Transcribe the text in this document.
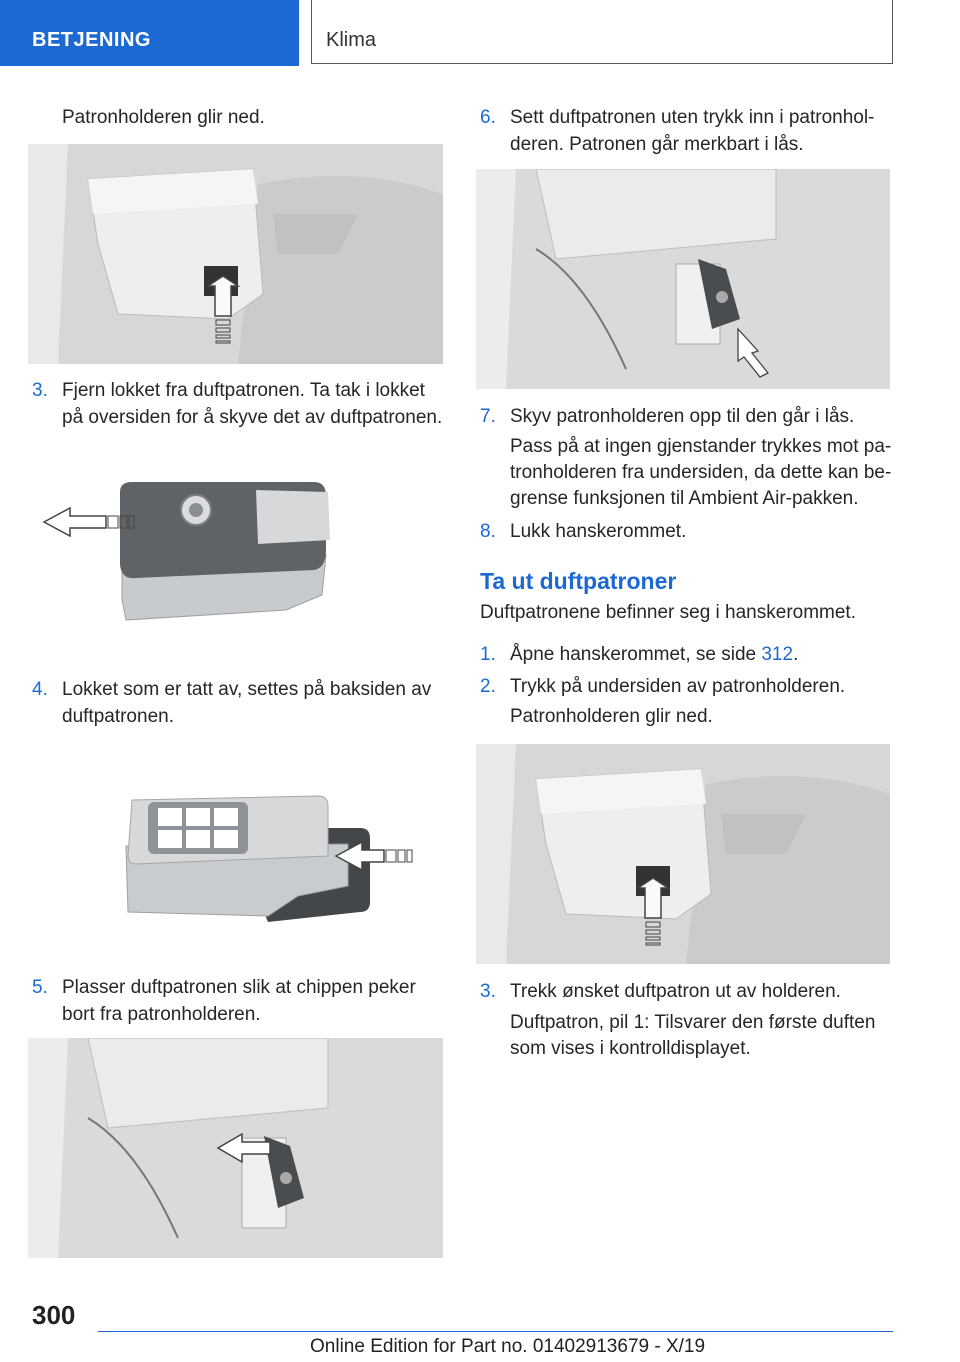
BETJENING	Klima
Patronholderen glir ned.
3. Fjern lokket fra duftpatronen. Ta tak i lokket
på oversiden for å skyve det av duftpatronen.
4. Lokket som er tatt av, settes på baksiden av
duftpatronen.
5. Plasser duftpatronen slik at chippen peker
bort fra patronholderen.
6. Sett duftpatronen uten trykk inn i patronhol‐
deren. Patronen går merkbart i lås.
7. Skyv patronholderen opp til den går i lås.
Pass på at ingen gjenstander trykkes mot pa‐
tronholderen fra undersiden, da dette kan be‐
grense funksjonen til Ambient Air-pakken.
8. Lukk hanskerommet.
Ta ut duftpatroner
Duftpatronene befinner seg i hanskerommet.
1. Åpne hanskerommet, se side 312.
2. Trykk på undersiden av patronholderen.
Patronholderen glir ned.
3. Trekk ønsket duftpatron ut av holderen.
Duftpatron, pil 1: Tilsvarer den første duften
som vises i kontrolldisplayet.
300
Online Edition for Part no. 01402913679 - X/19
